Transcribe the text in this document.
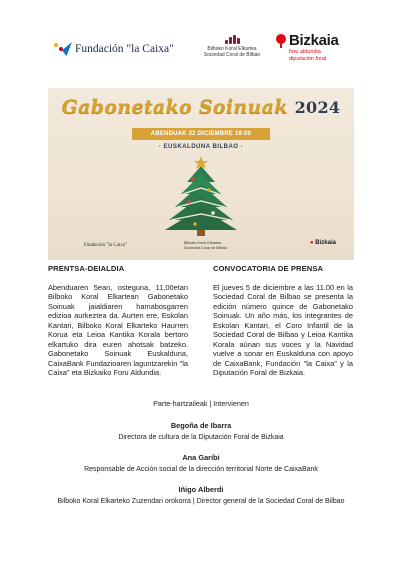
Fundación "la Caixa"	Bilboko Koral Elkartea
Sociedad Coral de Bilbao
Bizkaia
foru aldundia
diputación foral
Gabonetako Soinuak 2024
ABENDUAK 22 DICIEMBRE 19:00
· EUSKALDUNA BILBAO ·
Fundación "la Caixa"	Bilboko Koral Elkartea
Sociedad Coral de Bilbao
● Bizkaia
PRENTSA-DEIALDIA

Abenduaren 5ean, osteguna, 11,00etan Bilboko Koral Elkartean Gabonetako Soinuak jaialdiaren hamabosgarren edizioa aurkeztea da. Aurten ere, Eskolan Kantari, Bilboko Koral Elkarteko Haurren Korua eta Leioa Kantika Korala bertoro elkartuko dira euren ahotsak batzeko. Gabonetako Soinuak Euskalduna, CaixaBank Fundazioaren laguntzarekin "la Caixa" eta Bizkaiko Foru Aldundia.

CONVOCATORIA DE PRENSA

El jueves 5 de diciembre a las 11.00 en la Sociedad Coral de Bilbao se presenta la edición número quince de Gabonetako Soinuak. Un año más, los integrantes de Eskolan Kantari, el Coro Infantil de la Sociedad Coral de Bilbao y Leioa Kantika Korala aúnan sus voces y la Navidad vuelve a sonar en Euskalduna con apoyo de CaixaBank, Fundación "la Caixa" y la Diputación Foral de Bizkaia.

Parte-hartzaileak | Intervienen
Begoña de Ibarra
Directora de cultura de la Diputación Foral de Bizkaia
Ana Garibi
Responsable de Acción social de la dirección territorial Norte de CaixaBank
Iñigo Alberdi
Bilboko Koral Elkarteko Zuzendari orokorra | Director general de la Sociedad Coral de Bilbao
